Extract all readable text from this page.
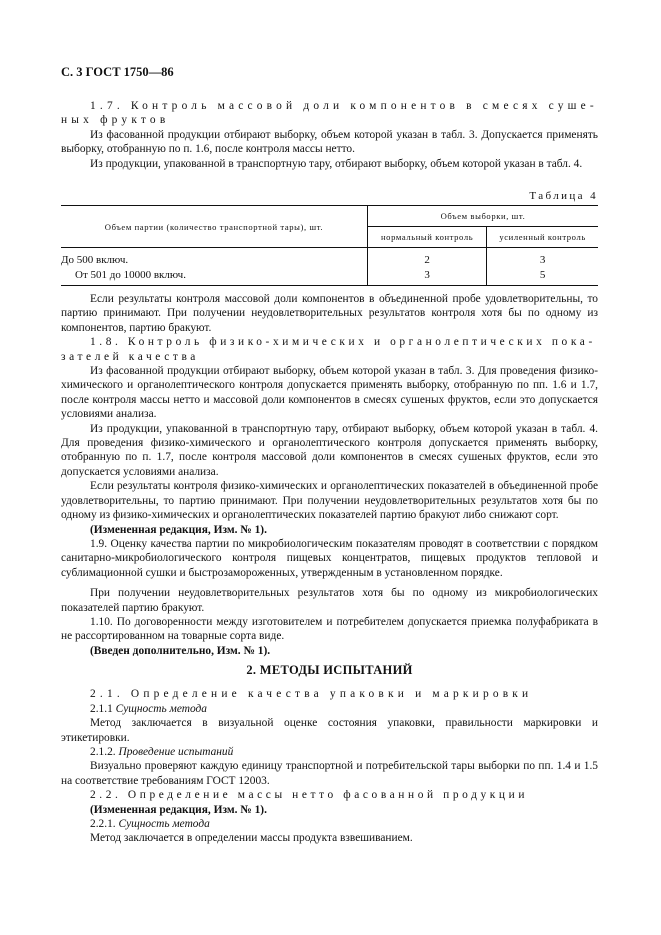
С. 3 ГОСТ 1750—86

1.7. Контроль массовой доли компонентов в смесях суше-
ных фруктов

Из фасованной продукции отбирают выборку, объем которой указан в табл. 3. Допускается применять выборку, отобранную по п. 1.6, после контроля массы нетто.

Из продукции, упакованной в транспортную тару, отбирают выборку, объем которой указан в табл. 4.

Таблица 4
Объем партии (количество транспортной тары), шт.	Объем выборки, шт.	
	нормальный контроль	усиленный контроль
До 500 включ.	2	3
От 501 до 10000 включ.	3	5

Если результаты контроля массовой доли компонентов в объединенной пробе удовлетворительны, то партию принимают. При получении неудовлетворительных результатов контроля хотя бы по одному из компонентов, партию бракуют.

1.8. Контроль физико-химических и органолептических пока-
зателей качества

Из фасованной продукции отбирают выборку, объем которой указан в табл. 3. Для проведения физико-химического и органолептического контроля допускается применять выборку, отобранную по пп. 1.6 и 1.7, после контроля массы нетто и массовой доли компонентов в смесях сушеных фруктов, если это допускается условиями анализа.

Из продукции, упакованной в транспортную тару, отбирают выборку, объем которой указан в табл. 4. Для проведения физико-химического и органолептического контроля допускается применять выборку, отобранную по п. 1.7, после контроля массовой доли компонентов в смесях сушеных фруктов, если это допускается условиями анализа.

Если результаты контроля физико-химических и органолептических показателей в объединенной пробе удовлетворительны, то партию принимают. При получении неудовлетворительных результатов хотя бы по одному из физико-химических и органолептических показателей партию бракуют либо снижают сорт.

(Измененная редакция, Изм. № 1).

1.9. Оценку качества партии по микробиологическим показателям проводят в соответствии с порядком санитарно-микробиологического контроля пищевых концентратов, пищевых продуктов тепловой и сублимационной сушки и быстрозамороженных, утвержденным в установленном порядке.

При получении неудовлетворительных результатов хотя бы по одному из микробиологических показателей партию бракуют.

1.10. По договоренности между изготовителем и потребителем допускается приемка полуфабриката в не рассортированном на товарные сорта виде.

(Введен дополнительно, Изм. № 1).

2. МЕТОДЫ ИСПЫТАНИЙ

2.1. Определение качества упаковки и маркировки

2.1.1 Сущность метода

Метод заключается в визуальной оценке состояния упаковки, правильности маркировки и этикетировки.

2.1.2. Проведение испытаний

Визуально проверяют каждую единицу транспортной и потребительской тары выборки по пп. 1.4 и 1.5 на соответствие требованиям ГОСТ 12003.

2.2. Определение массы нетто фасованной продукции

(Измененная редакция, Изм. № 1).

2.2.1. Сущность метода

Метод заключается в определении массы продукта взвешиванием.
